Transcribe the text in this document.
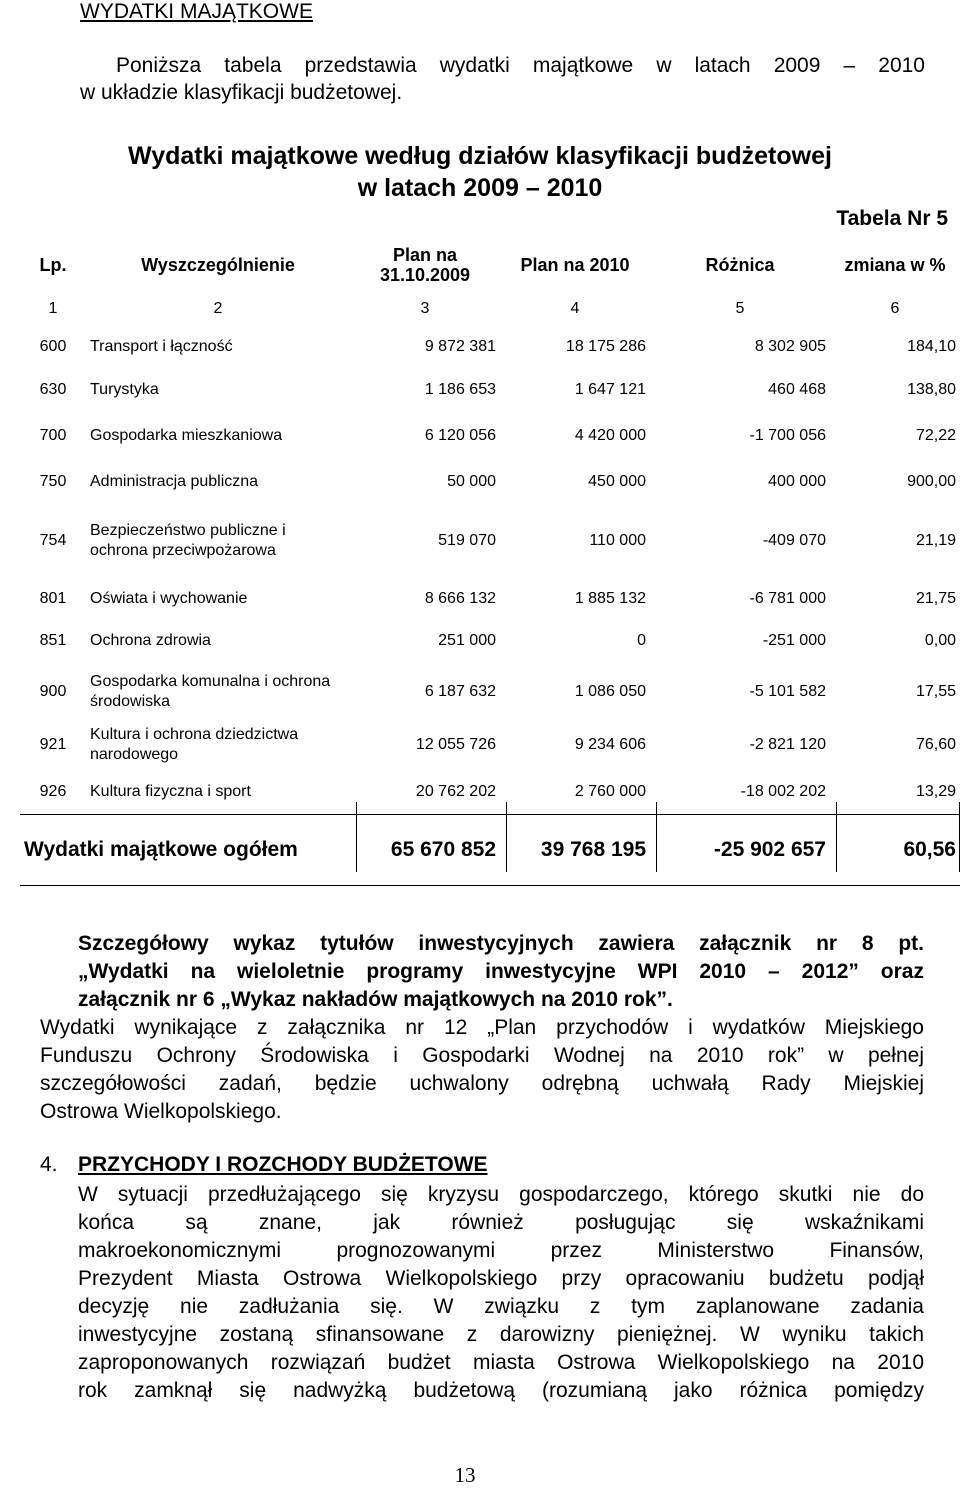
WYDATKI MAJĄTKOWE

Poniższa tabela przedstawia wydatki majątkowe w latach 2009 – 2010

w układzie klasyfikacji budżetowej.

Wydatki majątkowe według działów klasyfikacji budżetowej
w latach 2009 – 2010
Tabela Nr 5
Lp.	Wyszczególnienie	Plan na 31.10.2009	Plan na 2010	Różnica	zmiana w %
1	2	3	4	5	6
600	Transport i łączność	9 872 381	18 175 286	8 302 905	184,10
630	Turystyka	1 186 653	1 647 121	460 468	138,80
700	Gospodarka mieszkaniowa	6 120 056	4 420 000	-1 700 056	72,22
750	Administracja publiczna	50 000	450 000	400 000	900,00
754	Bezpieczeństwo publiczne i ochrona przeciwpożarowa	519 070	110 000	-409 070	21,19
801	Oświata i wychowanie	8 666 132	1 885 132	-6 781 000	21,75
851	Ochrona zdrowia	251 000	0	-251 000	0,00
900	Gospodarka komunalna i ochrona środowiska	6 187 632	1 086 050	-5 101 582	17,55
921	Kultura i ochrona dziedzictwa narodowego	12 055 726	9 234 606	-2 821 120	76,60
926	Kultura fizyczna i sport	20 762 202	2 760 000	-18 002 202	13,29
Wydatki majątkowe ogółem		65 670 852	39 768 195	-25 902 657	60,56

Szczegółowy wykaz tytułów inwestycyjnych zawiera załącznik nr 8 pt.

„Wydatki na wieloletnie programy inwestycyjne WPI 2010 – 2012” oraz

załącznik nr 6 „Wykaz nakładów majątkowych na 2010 rok”.

Wydatki wynikające z załącznika nr 12 „Plan przychodów i wydatków Miejskiego

Funduszu Ochrony Środowiska i Gospodarki Wodnej na 2010 rok” w pełnej

szczegółowości zadań, będzie uchwalony odrębną uchwałą Rady Miejskiej

Ostrowa Wielkopolskiego.

4. PRZYCHODY I ROZCHODY BUDŻETOWE

W sytuacji przedłużającego się kryzysu gospodarczego, którego skutki nie do

końca są znane, jak również posługując się wskaźnikami

makroekonomicznymi prognozowanymi przez Ministerstwo Finansów,

Prezydent Miasta Ostrowa Wielkopolskiego przy opracowaniu budżetu podjął

decyzję nie zadłużania się. W związku z tym zaplanowane zadania

inwestycyjne zostaną sfinansowane z darowizny pieniężnej. W wyniku takich

zaproponowanych rozwiązań budżet miasta Ostrowa Wielkopolskiego na 2010

rok zamknął się nadwyżką budżetową (rozumianą jako różnica pomiędzy

13
